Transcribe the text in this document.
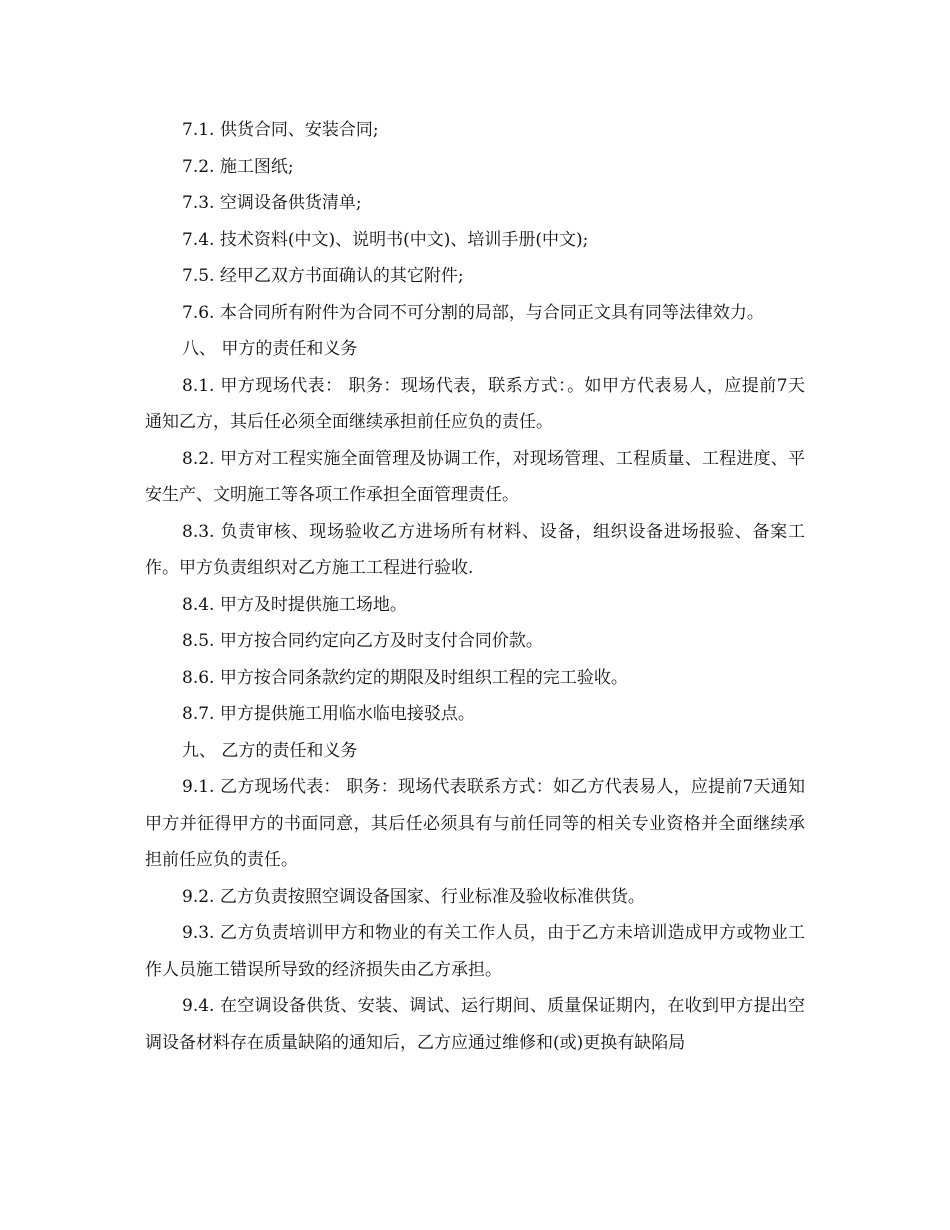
7.1. 供货合同、安装合同;

7.2. 施工图纸;

7.3. 空调设备供货清单;

7.4. 技术资料(中文)、说明书(中文)、培训手册(中文);

7.5. 经甲乙双方书面确认的其它附件;

7.6. 本合同所有附件为合同不可分割的局部，与合同正文具有同等法律效力。

八、 甲方的责任和义务

8.1. 甲方现场代表： 职务：现场代表，联系方式：。如甲方代表易人，应提前7天通知乙方，其后任必须全面继续承担前任应负的责任。

8.2. 甲方对工程实施全面管理及协调工作，对现场管理、工程质量、工程进度、平安生产、文明施工等各项工作承担全面管理责任。

8.3. 负责审核、现场验收乙方进场所有材料、设备，组织设备进场报验、备案工作。甲方负责组织对乙方施工工程进行验收.

8.4. 甲方及时提供施工场地。

8.5. 甲方按合同约定向乙方及时支付合同价款。

8.6. 甲方按合同条款约定的期限及时组织工程的完工验收。

8.7. 甲方提供施工用临水临电接驳点。

九、 乙方的责任和义务

9.1. 乙方现场代表： 职务：现场代表联系方式：如乙方代表易人，应提前7天通知甲方并征得甲方的书面同意，其后任必须具有与前任同等的相关专业资格并全面继续承担前任应负的责任。

9.2. 乙方负责按照空调设备国家、行业标准及验收标准供货。

9.3. 乙方负责培训甲方和物业的有关工作人员，由于乙方未培训造成甲方或物业工作人员施工错误所导致的经济损失由乙方承担。

9.4. 在空调设备供货、安装、调试、运行期间、质量保证期内，在收到甲方提出空调设备材料存在质量缺陷的通知后，乙方应通过维修和(或)更换有缺陷局
